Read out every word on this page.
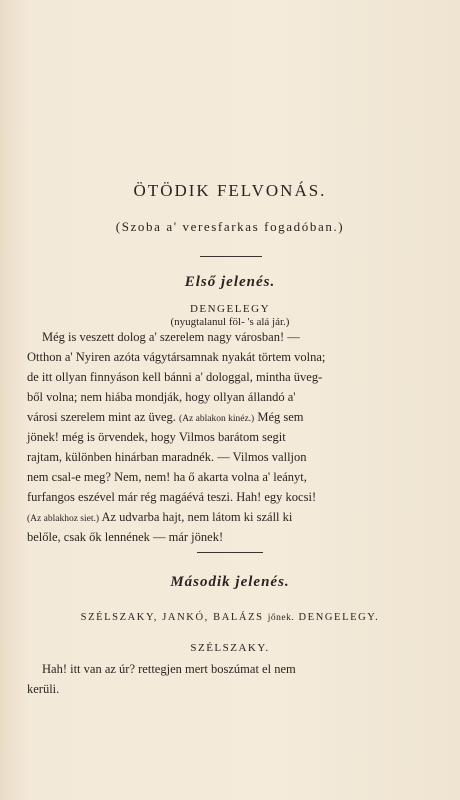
ÖTÖDIK FELVONÁS.
(Szoba a' veresfarkas fogadóban.)
Első jelenés.
DENGELEGY
(nyugtalanul föl- 's alá jár.)
Még is veszett dolog a' szerelem nagy városban! —
Otthon a' Nyiren azóta vágytársamnak nyakát törtem volna;
de itt ollyan finnyáson kell bánni a' dologgal, mintha üveg-
ből volna; nem hiába mondják, hogy ollyan állandó a'
városi szerelem mint az üveg. (Az ablakon kinéz.) Még sem
jönek! még is örvendek, hogy Vilmos barátom segit
rajtam, különben hinárban maradnék. — Vilmos valljon
nem csal-e meg? Nem, nem! ha ő akarta volna a' leányt,
furfangos eszével már rég magáévá teszi. Hah! egy kocsi!
(Az ablakhoz siet.) Az udvarba hajt, nem látom ki száll ki
belőle, csak ők lennének — már jönek!
Második jelenés.
SZÉLSZAKY, JANKÓ, BALÁZS jőnek. DENGELEGY.
SZÉLSZAKY.
Hah! itt van az úr? rettegjen mert boszúmat el nem
kerüli.
